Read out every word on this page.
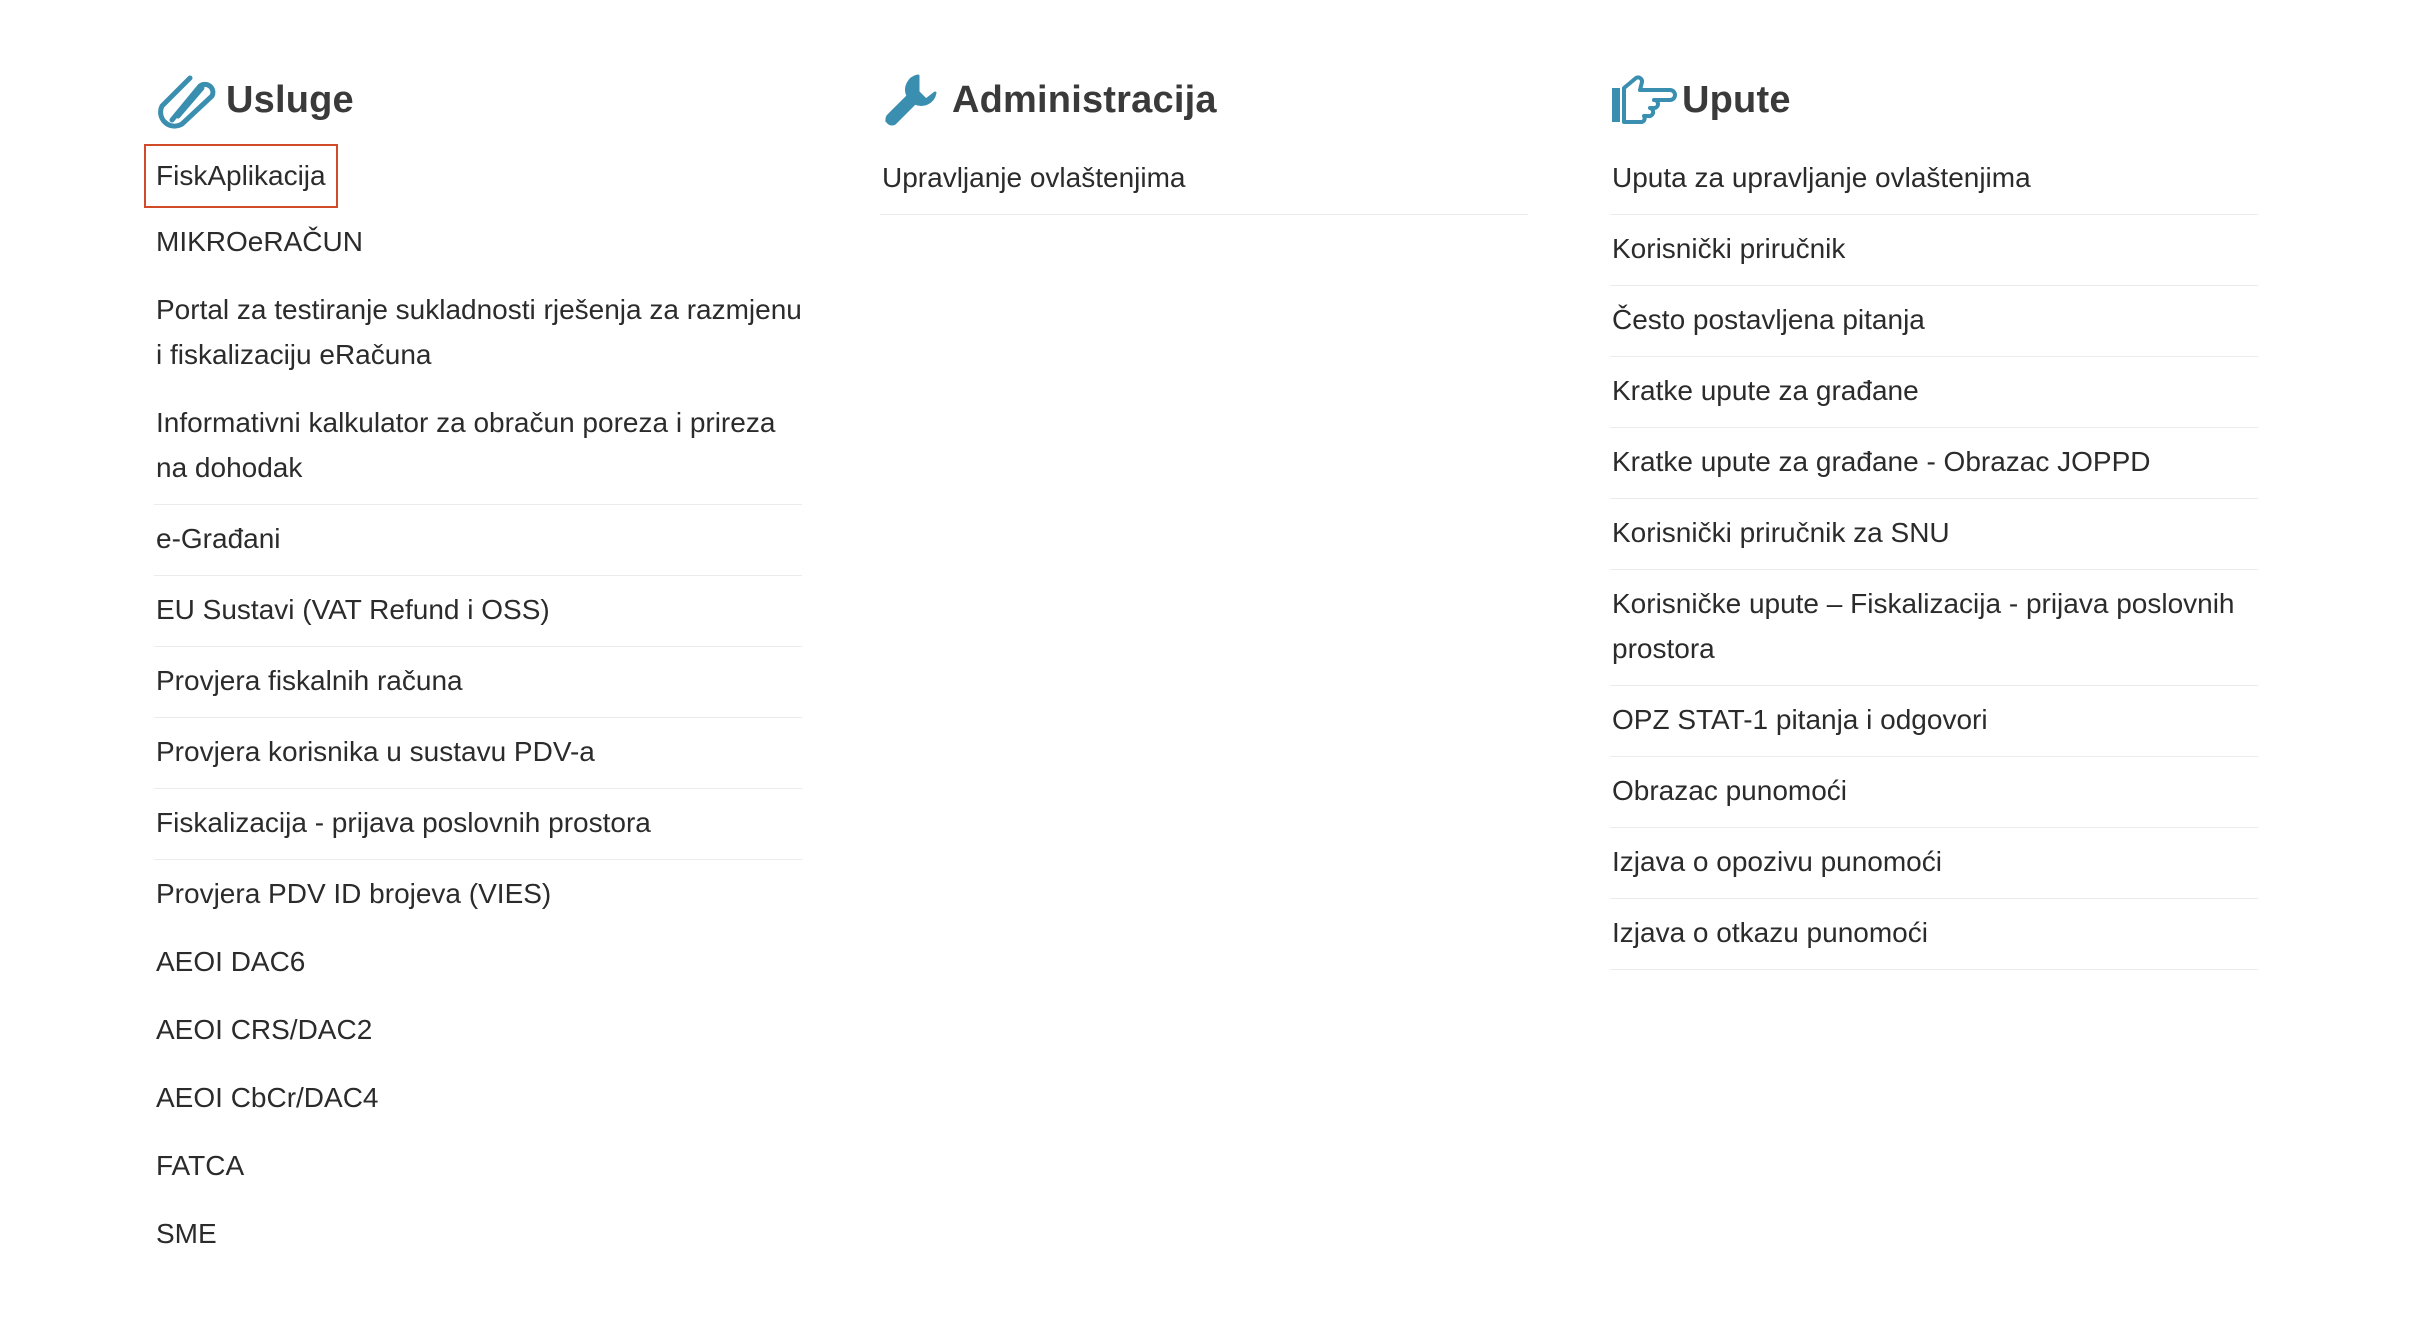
Usluge
FiskAplikacija
MIKROeRAČUN
Portal za testiranje sukladnosti rješenja za razmjenu i fiskalizaciju eRačuna
Informativni kalkulator za obračun poreza i prireza na dohodak
e-Građani
EU Sustavi (VAT Refund i OSS)
Provjera fiskalnih računa
Provjera korisnika u sustavu PDV-a
Fiskalizacija - prijava poslovnih prostora
Provjera PDV ID brojeva (VIES)
AEOI DAC6
AEOI CRS/DAC2
AEOI CbCr/DAC4
FATCA
SME
Administracija
Upravljanje ovlaštenjima
Upute
Uputa za upravljanje ovlaštenjima
Korisnički priručnik
Često postavljena pitanja
Kratke upute za građane
Kratke upute za građane - Obrazac JOPPD
Korisnički priručnik za SNU
Korisničke upute – Fiskalizacija - prijava poslovnih prostora
OPZ STAT-1 pitanja i odgovori
Obrazac punomoći
Izjava o opozivu punomoći
Izjava o otkazu punomoći
